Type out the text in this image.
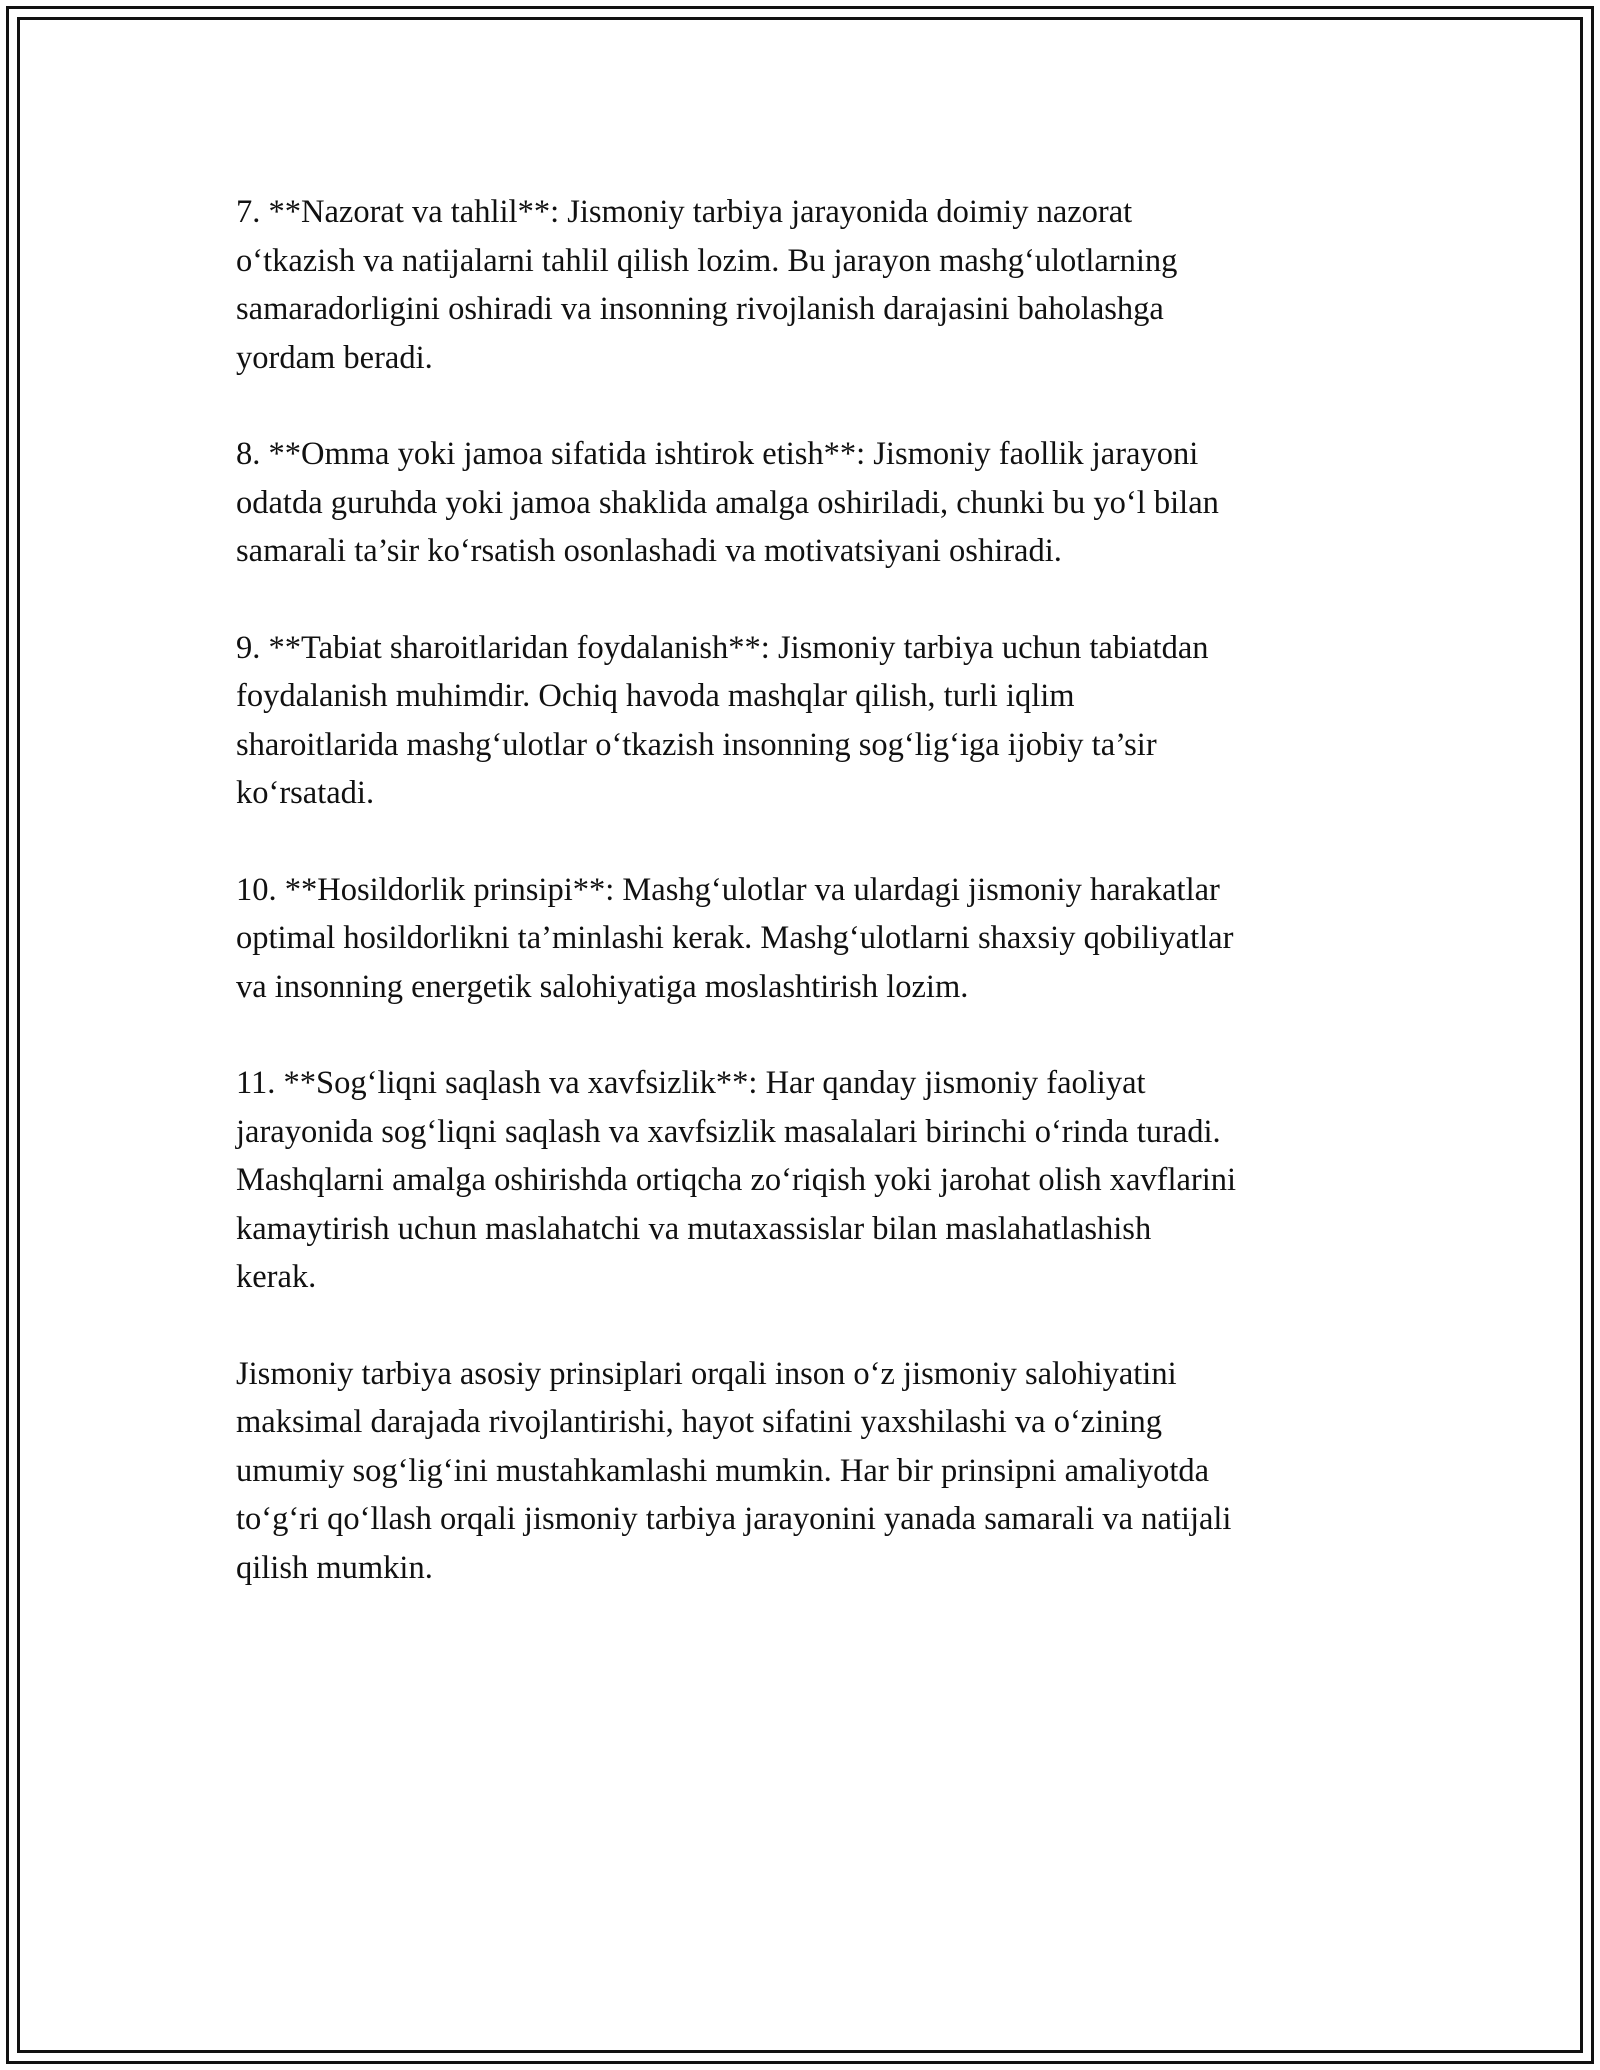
7. **Nazorat va tahlil**: Jismoniy tarbiya jarayonida doimiy nazorat
o‘tkazish va natijalarni tahlil qilish lozim. Bu jarayon mashg‘ulotlarning
samaradorligini oshiradi va insonning rivojlanish darajasini baholashga
yordam beradi.

8. **Omma yoki jamoa sifatida ishtirok etish**: Jismoniy faollik jarayoni
odatda guruhda yoki jamoa shaklida amalga oshiriladi, chunki bu yo‘l bilan
samarali ta’sir ko‘rsatish osonlashadi va motivatsiyani oshiradi.

9. **Tabiat sharoitlaridan foydalanish**: Jismoniy tarbiya uchun tabiatdan
foydalanish muhimdir. Ochiq havoda mashqlar qilish, turli iqlim
sharoitlarida mashg‘ulotlar o‘tkazish insonning sog‘lig‘iga ijobiy ta’sir
ko‘rsatadi.

10. **Hosildorlik prinsipi**: Mashg‘ulotlar va ulardagi jismoniy harakatlar
optimal hosildorlikni ta’minlashi kerak. Mashg‘ulotlarni shaxsiy qobiliyatlar
va insonning energetik salohiyatiga moslashtirish lozim.

11. **Sog‘liqni saqlash va xavfsizlik**: Har qanday jismoniy faoliyat
jarayonida sog‘liqni saqlash va xavfsizlik masalalari birinchi o‘rinda turadi.
Mashqlarni amalga oshirishda ortiqcha zo‘riqish yoki jarohat olish xavflarini
kamaytirish uchun maslahatchi va mutaxassislar bilan maslahatlashish
kerak.

Jismoniy tarbiya asosiy prinsiplari orqali inson o‘z jismoniy salohiyatini
maksimal darajada rivojlantirishi, hayot sifatini yaxshilashi va o‘zining
umumiy sog‘lig‘ini mustahkamlashi mumkin. Har bir prinsipni amaliyotda
to‘g‘ri qo‘llash orqali jismoniy tarbiya jarayonini yanada samarali va natijali
qilish mumkin.
